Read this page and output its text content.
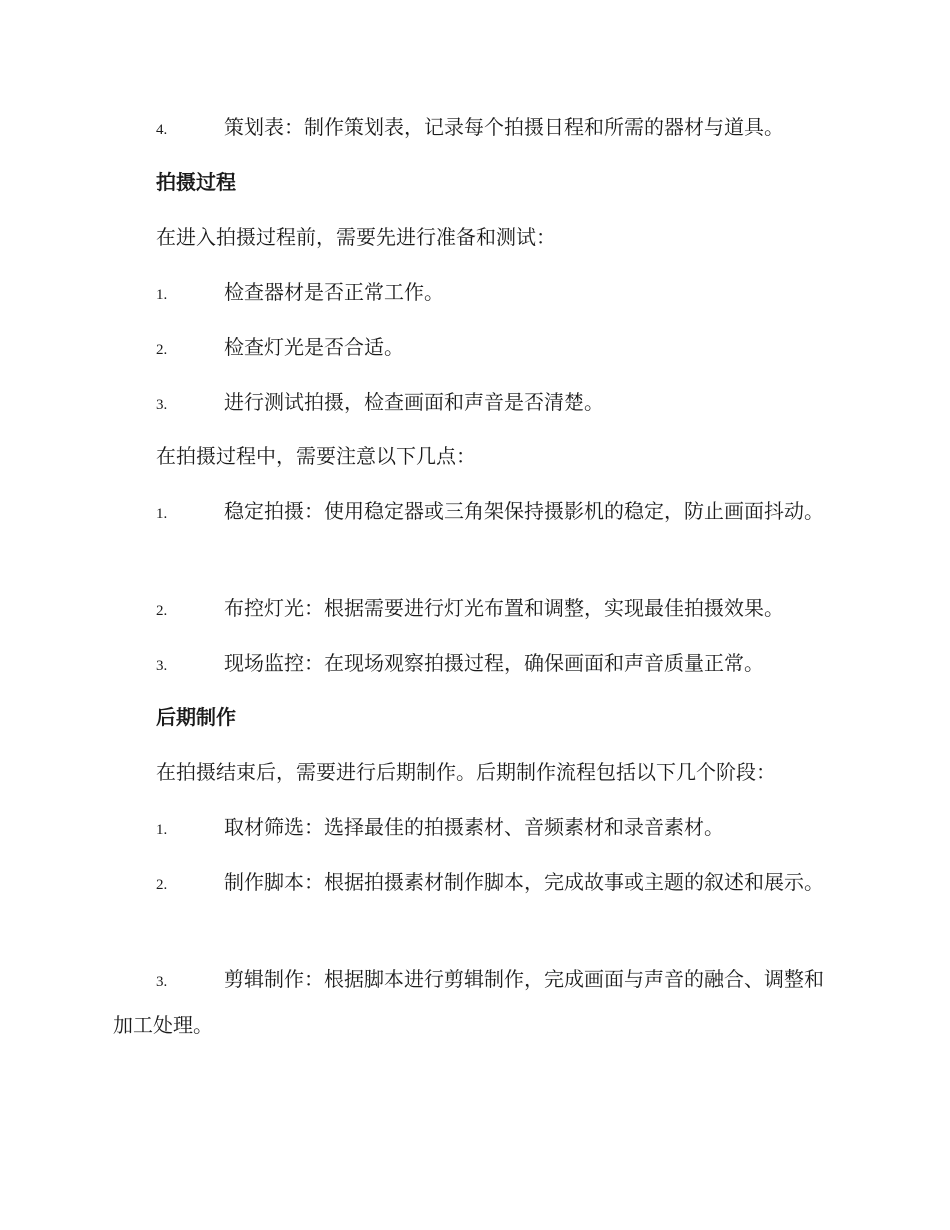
4.	策划表：制作策划表，记录每个拍摄日程和所需的器材与道具。

拍摄过程

在进入拍摄过程前，需要先进行准备和测试：

1.	检查器材是否正常工作。

2.	检查灯光是否合适。

3.	进行测试拍摄，检查画面和声音是否清楚。

在拍摄过程中，需要注意以下几点：

1.	稳定拍摄：使用稳定器或三角架保持摄影机的稳定，防止画面抖动。

2.	布控灯光：根据需要进行灯光布置和调整，实现最佳拍摄效果。

3.	现场监控：在现场观察拍摄过程，确保画面和声音质量正常。

后期制作

在拍摄结束后，需要进行后期制作。后期制作流程包括以下几个阶段：

1.	取材筛选：选择最佳的拍摄素材、音频素材和录音素材。

2.	制作脚本：根据拍摄素材制作脚本，完成故事或主题的叙述和展示。

3.	剪辑制作：根据脚本进行剪辑制作，完成画面与声音的融合、调整和加工处理。
